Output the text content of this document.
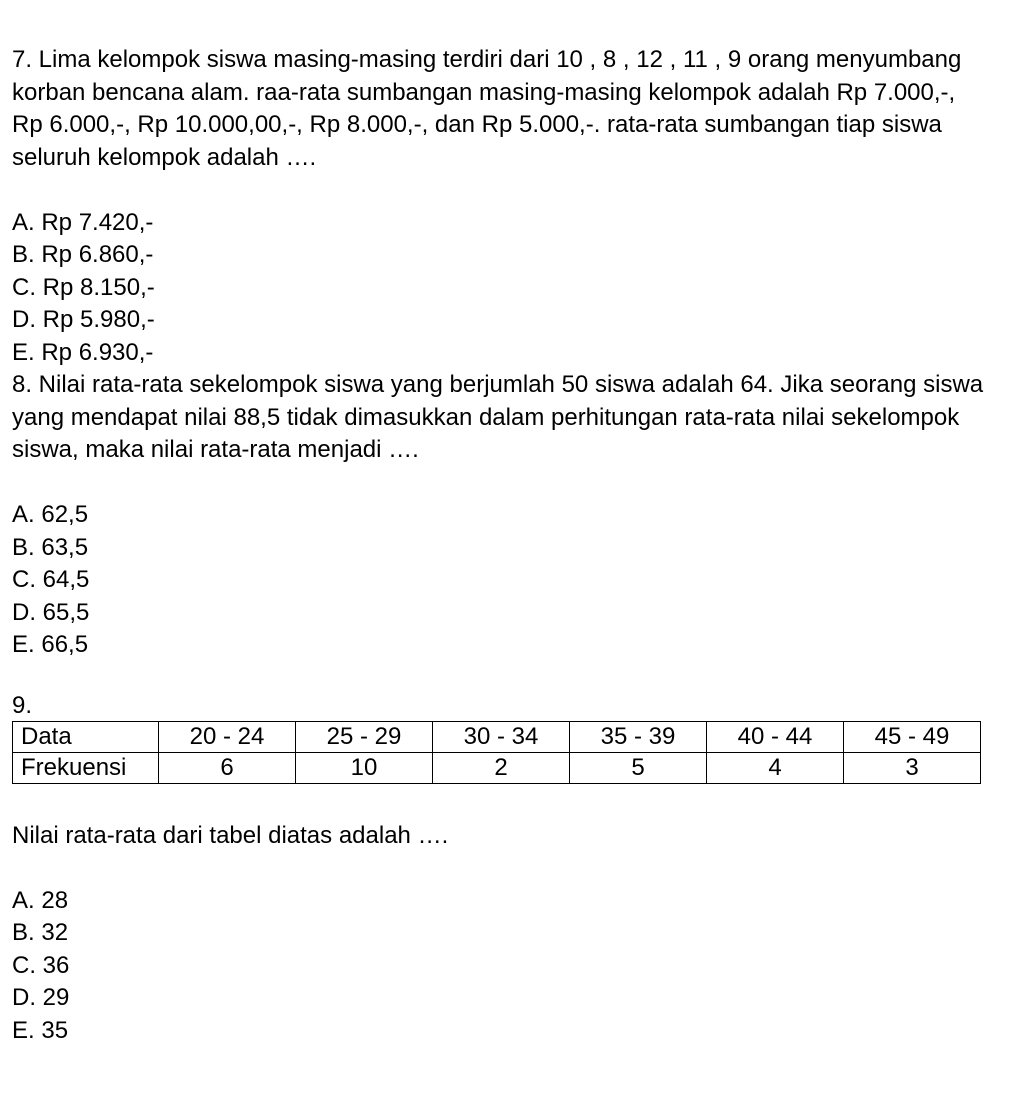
7. Lima kelompok siswa masing-masing terdiri dari 10 , 8 , 12 , 11 , 9 orang menyumbang korban bencana alam. raa-rata sumbangan masing-masing kelompok adalah Rp 7.000,-, Rp 6.000,-, Rp 10.000,00,-, Rp 8.000,-, dan Rp 5.000,-. rata-rata sumbangan tiap siswa seluruh kelompok adalah ….

A. Rp 7.420,-
B. Rp 6.860,-
C. Rp 8.150,-
D. Rp 5.980,-
E. Rp 6.930,-

8. Nilai rata-rata sekelompok siswa yang berjumlah 50 siswa adalah 64. Jika seorang siswa yang mendapat nilai 88,5 tidak dimasukkan dalam perhitungan rata-rata nilai sekelompok siswa, maka nilai rata-rata menjadi ….

A. 62,5
B. 63,5
C. 64,5
D. 65,5
E. 66,5
9.
Data	20 - 24	25 - 29	30 - 34	35 - 39	40 - 44	45 - 49
Frekuensi	6	10	2	5	4	3

Nilai rata-rata dari tabel diatas adalah ….

A. 28
B. 32
C. 36
D. 29
E. 35
